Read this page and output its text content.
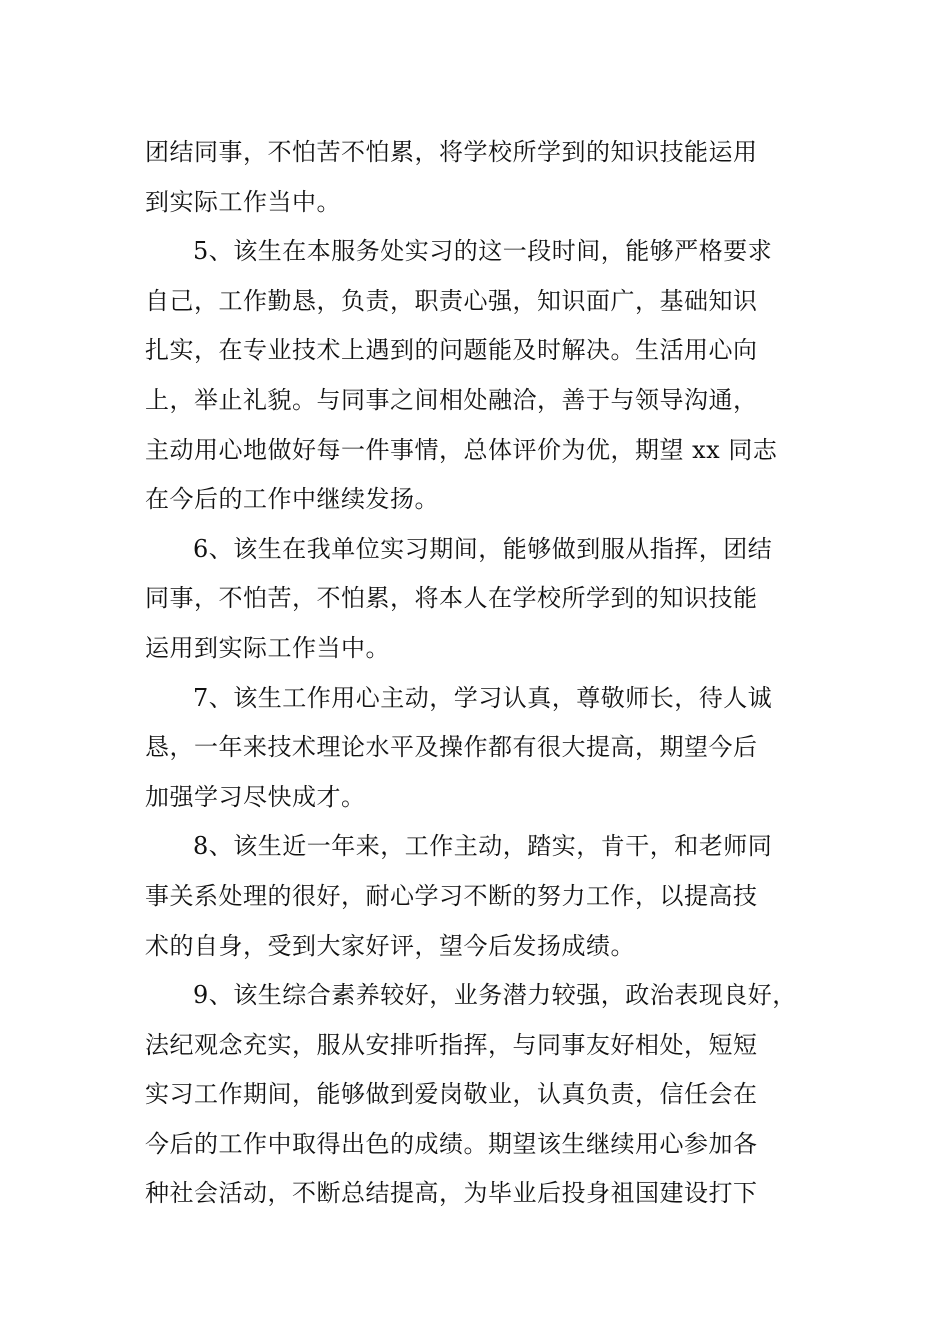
团结同事，不怕苦不怕累，将学校所学到的知识技能运用
到实际工作当中。
5、该生在本服务处实习的这一段时间，能够严格要求
自己，工作勤恳，负责，职责心强，知识面广，基础知识
扎实，在专业技术上遇到的问题能及时解决。生活用心向
上，举止礼貌。与同事之间相处融洽，善于与领导沟通，
主动用心地做好每一件事情，总体评价为优，期望 xx 同志
在今后的工作中继续发扬。
6、该生在我单位实习期间，能够做到服从指挥，团结
同事，不怕苦，不怕累，将本人在学校所学到的知识技能
运用到实际工作当中。
7、该生工作用心主动，学习认真，尊敬师长，待人诚
恳，一年来技术理论水平及操作都有很大提高，期望今后
加强学习尽快成才。
8、该生近一年来，工作主动，踏实，肯干，和老师同
事关系处理的很好，耐心学习不断的努力工作，以提高技
术的自身，受到大家好评，望今后发扬成绩。
9、该生综合素养较好，业务潜力较强，政治表现良好，
法纪观念充实，服从安排听指挥，与同事友好相处，短短
实习工作期间，能够做到爱岗敬业，认真负责，信任会在
今后的工作中取得出色的成绩。期望该生继续用心参加各
种社会活动，不断总结提高，为毕业后投身祖国建设打下
